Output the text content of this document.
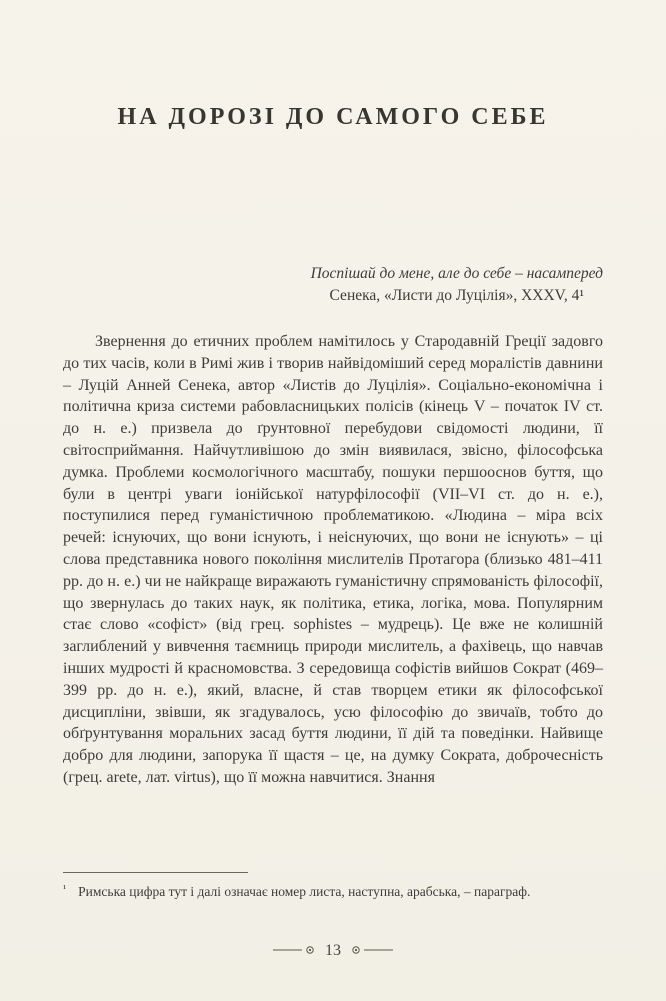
НА ДОРОЗІ ДО САМОГО СЕБЕ
Поспішай до мене, але до себе – насамперед
Сенека, «Листи до Луцілія», XXXV, 4¹
Звернення до етичних проблем намітилось у Стародавній Греції задовго до тих часів, коли в Римі жив і творив найвідоміший серед моралістів давнини – Луцій Анней Сенека, автор «Листів до Луцілія». Соціально-економічна і політична криза системи рабовласницьких полісів (кінець V – початок IV ст. до н. е.) призвела до ґрунтовної перебудови свідомості людини, її світосприймання. Найчутливішою до змін виявилася, звісно, філософська думка. Проблеми космологічного масштабу, пошуки першооснов буття, що були в центрі уваги іонійської натурфілософії (VII–VI ст. до н. е.), поступилися перед гуманістичною проблематикою. «Людина – міра всіх речей: існуючих, що вони існують, і неіснуючих, що вони не існують» – ці слова представника нового покоління мислителів Протагора (близько 481–411 рр. до н. е.) чи не найкраще виражають гуманістичну спрямованість філософії, що звернулась до таких наук, як політика, етика, логіка, мова. Популярним стає слово «софіст» (від грец. sophistes – мудрець). Це вже не колишній заглиблений у вивчення таємниць природи мислитель, а фахівець, що навчав інших мудрості й красномовства. З середовища софістів вийшов Сократ (469–399 рр. до н. е.), який, власне, й став творцем етики як філософської дисципліни, звівши, як згадувалось, усю філософію до звичаїв, тобто до обґрунтування моральних засад буття людини, її дій та поведінки. Найвище добро для людини, запорука її щастя – це, на думку Сократа, доброчесність (грец. arete, лат. virtus), що її можна навчитися. Знання
$^{^1}$ Римська цифра тут і далі означає номер листа, наступна, арабська, – параграф.
13
